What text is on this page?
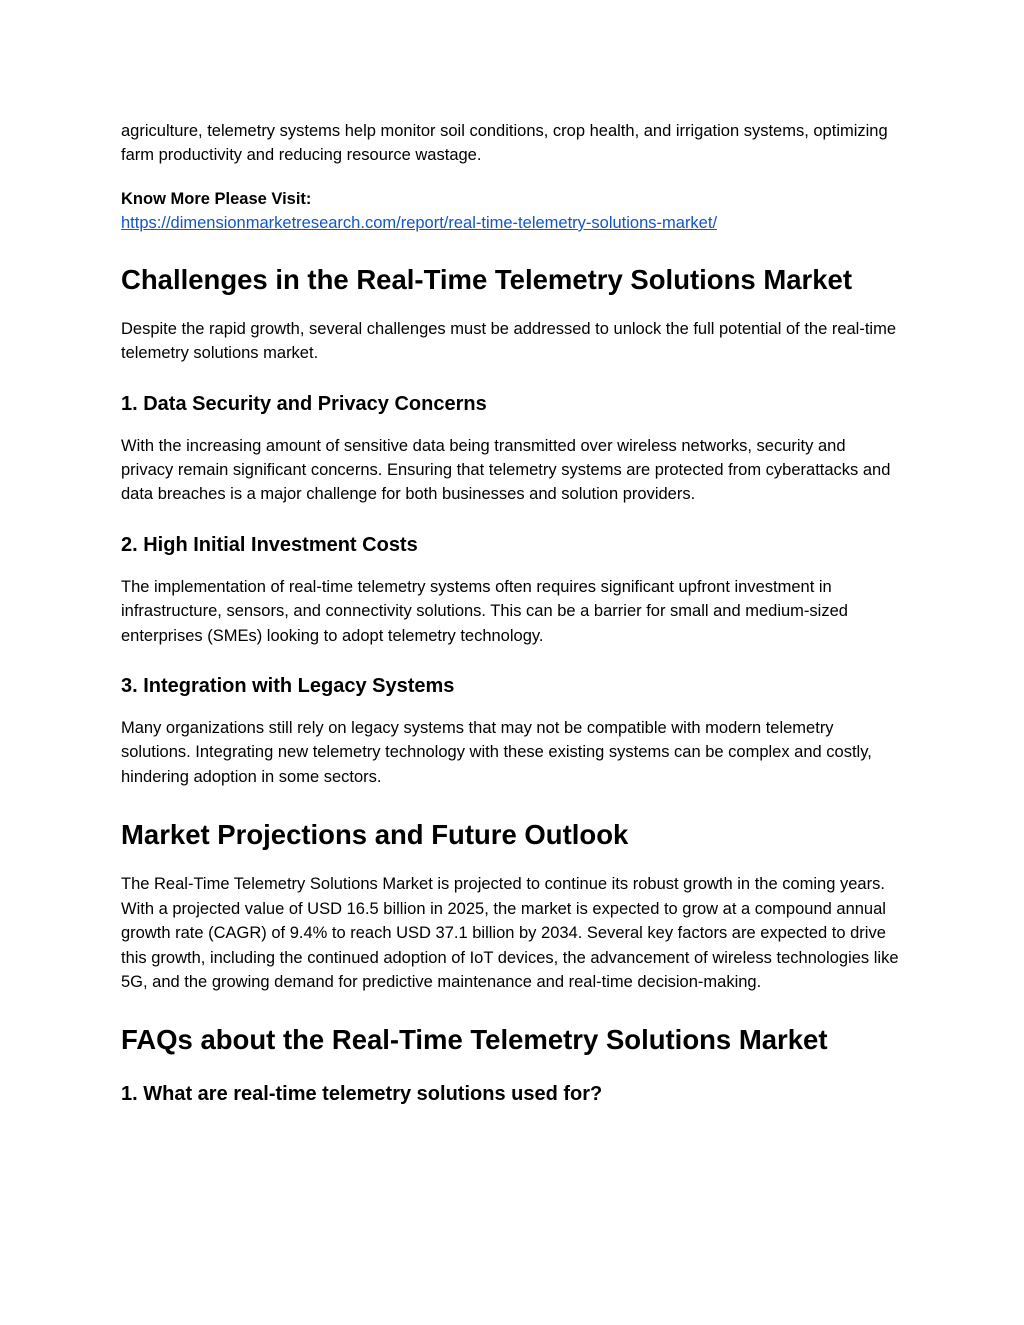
agriculture, telemetry systems help monitor soil conditions, crop health, and irrigation systems, optimizing farm productivity and reducing resource wastage.

Know More Please Visit:
https://dimensionmarketresearch.com/report/real-time-telemetry-solutions-market/
Challenges in the Real-Time Telemetry Solutions Market

Despite the rapid growth, several challenges must be addressed to unlock the full potential of the real-time telemetry solutions market.

1. Data Security and Privacy Concerns

With the increasing amount of sensitive data being transmitted over wireless networks, security and privacy remain significant concerns. Ensuring that telemetry systems are protected from cyberattacks and data breaches is a major challenge for both businesses and solution providers.

2. High Initial Investment Costs

The implementation of real-time telemetry systems often requires significant upfront investment in infrastructure, sensors, and connectivity solutions. This can be a barrier for small and medium-sized enterprises (SMEs) looking to adopt telemetry technology.

3. Integration with Legacy Systems

Many organizations still rely on legacy systems that may not be compatible with modern telemetry solutions. Integrating new telemetry technology with these existing systems can be complex and costly, hindering adoption in some sectors.

Market Projections and Future Outlook

The Real-Time Telemetry Solutions Market is projected to continue its robust growth in the coming years. With a projected value of USD 16.5 billion in 2025, the market is expected to grow at a compound annual growth rate (CAGR) of 9.4% to reach USD 37.1 billion by 2034. Several key factors are expected to drive this growth, including the continued adoption of IoT devices, the advancement of wireless technologies like 5G, and the growing demand for predictive maintenance and real-time decision-making.

FAQs about the Real-Time Telemetry Solutions Market
1. What are real-time telemetry solutions used for?
